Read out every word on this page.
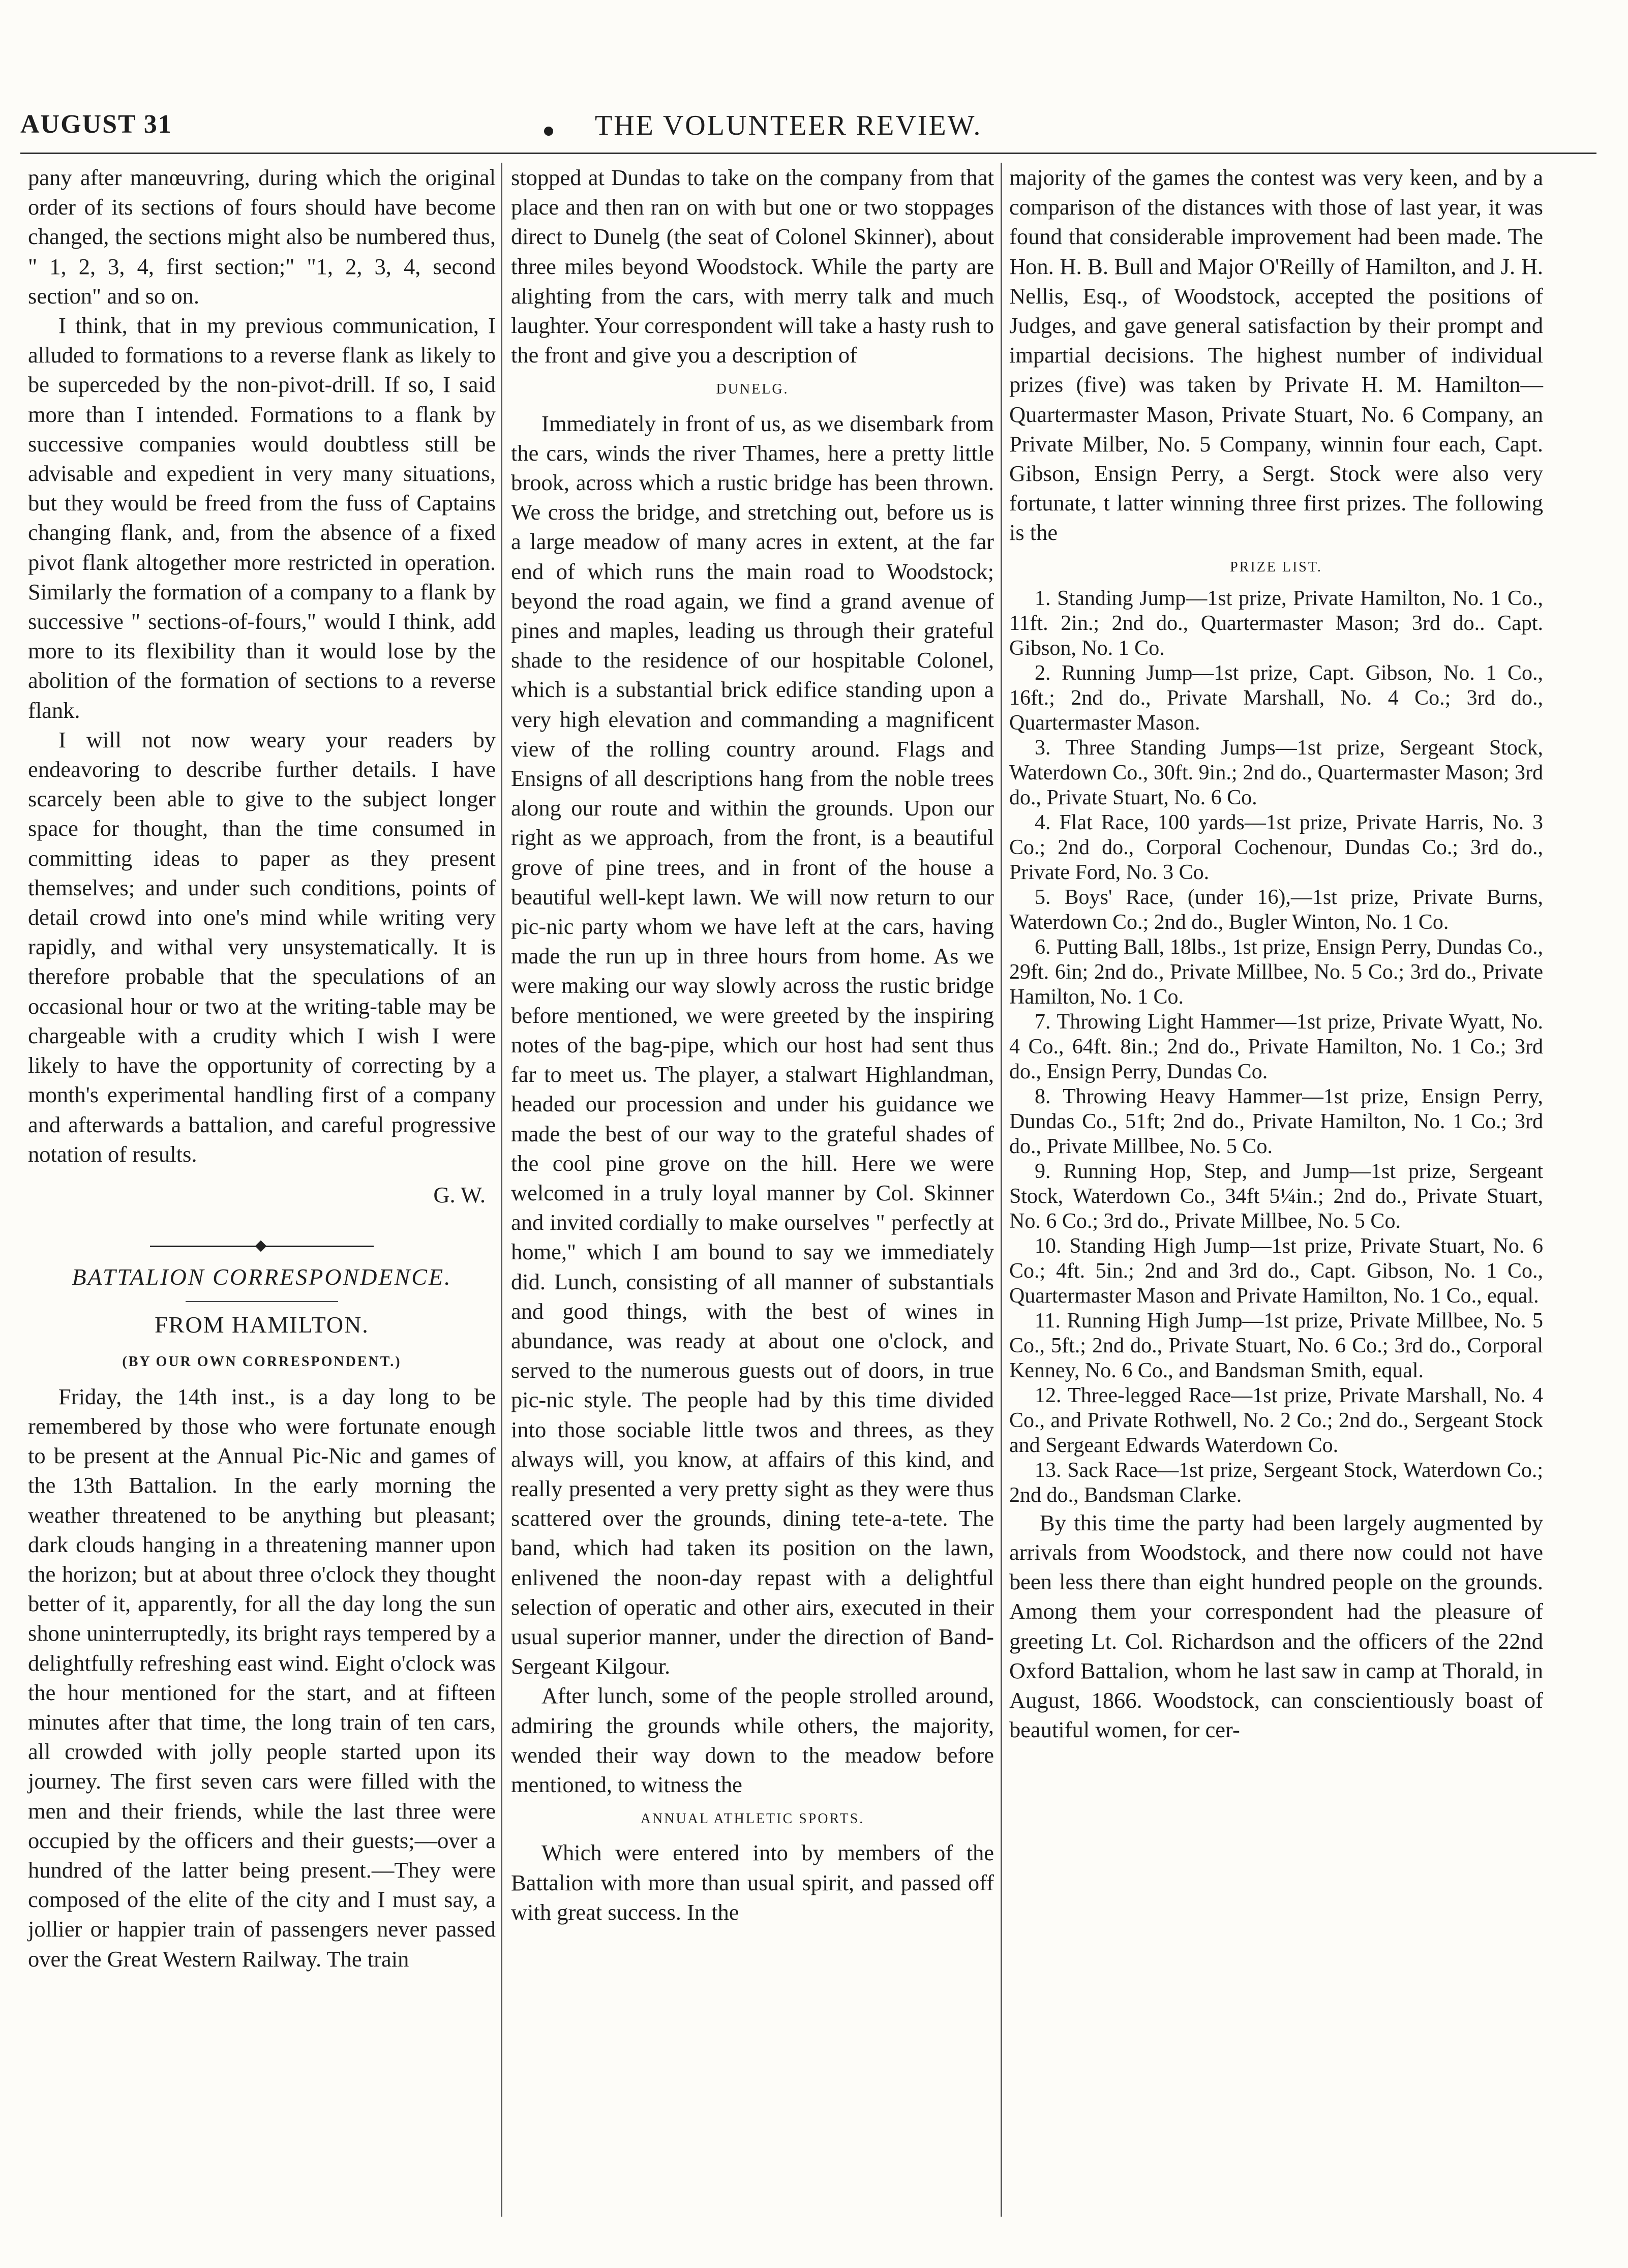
AUGUST 31	THE VOLUNTEER REVIEW.

pany after manœuvring, during which the original order of its sections of fours should have become changed, the sections might also be numbered thus, " 1, 2, 3, 4, first section;" "1, 2, 3, 4, second section" and so on.

I think, that in my previous communication, I alluded to formations to a reverse flank as likely to be superceded by the non-pivot-drill. If so, I said more than I intended. Formations to a flank by successive companies would doubtless still be advisable and expedient in very many situations, but they would be freed from the fuss of Captains changing flank, and, from the absence of a fixed pivot flank altogether more restricted in operation. Similarly the formation of a company to a flank by successive " sections-of-fours," would I think, add more to its flexibility than it would lose by the abolition of the formation of sections to a reverse flank.

I will not now weary your readers by endeavoring to describe further details. I have scarcely been able to give to the subject longer space for thought, than the time consumed in committing ideas to paper as they present themselves; and under such conditions, points of detail crowd into one's mind while writing very rapidly, and withal very unsystematically. It is therefore probable that the speculations of an occasional hour or two at the writing-table may be chargeable with a crudity which I wish I were likely to have the opportunity of correcting by a month's experimental handling first of a company and afterwards a battalion, and careful progressive notation of results.

G. W.
BATTALION CORRESPONDENCE.
FROM HAMILTON.
(BY OUR OWN CORRESPONDENT.)

Friday, the 14th inst., is a day long to be remembered by those who were fortunate enough to be present at the Annual Pic-Nic and games of the 13th Battalion. In the early morning the weather threatened to be anything but pleasant; dark clouds hanging in a threatening manner upon the horizon; but at about three o'clock they thought better of it, apparently, for all the day long the sun shone uninterruptedly, its bright rays tempered by a delightfully refreshing east wind. Eight o'clock was the hour mentioned for the start, and at fifteen minutes after that time, the long train of ten cars, all crowded with jolly people started upon its journey. The first seven cars were filled with the men and their friends, while the last three were occupied by the officers and their guests;—over a hundred of the latter being present.—They were composed of the elite of the city and I must say, a jollier or happier train of passengers never passed over the Great Western Railway. The train

stopped at Dundas to take on the company from that place and then ran on with but one or two stoppages direct to Dunelg (the seat of Colonel Skinner), about three miles beyond Woodstock. While the party are alighting from the cars, with merry talk and much laughter. Your correspondent will take a hasty rush to the front and give you a description of

DUNELG.

Immediately in front of us, as we disembark from the cars, winds the river Thames, here a pretty little brook, across which a rustic bridge has been thrown. We cross the bridge, and stretching out, before us is a large meadow of many acres in extent, at the far end of which runs the main road to Woodstock; beyond the road again, we find a grand avenue of pines and maples, leading us through their grateful shade to the residence of our hospitable Colonel, which is a substantial brick edifice standing upon a very high elevation and commanding a magnificent view of the rolling country around. Flags and Ensigns of all descriptions hang from the noble trees along our route and within the grounds. Upon our right as we approach, from the front, is a beautiful grove of pine trees, and in front of the house a beautiful well-kept lawn. We will now return to our pic-nic party whom we have left at the cars, having made the run up in three hours from home. As we were making our way slowly across the rustic bridge before mentioned, we were greeted by the inspiring notes of the bag-pipe, which our host had sent thus far to meet us. The player, a stalwart Highlandman, headed our procession and under his guidance we made the best of our way to the grateful shades of the cool pine grove on the hill. Here we were welcomed in a truly loyal manner by Col. Skinner and invited cordially to make ourselves " perfectly at home," which I am bound to say we immediately did. Lunch, consisting of all manner of substantials and good things, with the best of wines in abundance, was ready at about one o'clock, and served to the numerous guests out of doors, in true pic-nic style. The people had by this time divided into those sociable little twos and threes, as they always will, you know, at affairs of this kind, and really presented a very pretty sight as they were thus scattered over the grounds, dining tete-a-tete. The band, which had taken its position on the lawn, enlivened the noon-day repast with a delightful selection of operatic and other airs, executed in their usual superior manner, under the direction of Band-Sergeant Kilgour.

After lunch, some of the people strolled around, admiring the grounds while others, the majority, wended their way down to the meadow before mentioned, to witness the

ANNUAL ATHLETIC SPORTS.

Which were entered into by members of the Battalion with more than usual spirit, and passed off with great success. In the

majority of the games the contest was very keen, and by a comparison of the distances with those of last year, it was found that considerable improvement had been made. The Hon. H. B. Bull and Major O'Reilly of Hamilton, and J. H. Nellis, Esq., of Woodstock, accepted the positions of Judges, and gave general satisfaction by their prompt and impartial decisions. The highest number of individual prizes (five) was taken by Private H. M. Hamilton—Quartermaster Mason, Private Stuart, No. 6 Company, an Private Milber, No. 5 Company, winnin four each, Capt. Gibson, Ensign Perry, a Sergt. Stock were also very fortunate, t latter winning three first prizes. The following is the

PRIZE LIST.
1. Standing Jump—1st prize, Private Hamilton, No. 1 Co., 11ft. 2in.; 2nd do., Quartermaster Mason; 3rd do.. Capt. Gibson, No. 1 Co.
2. Running Jump—1st prize, Capt. Gibson, No. 1 Co., 16ft.; 2nd do., Private Marshall, No. 4 Co.; 3rd do., Quartermaster Mason.
3. Three Standing Jumps—1st prize, Sergeant Stock, Waterdown Co., 30ft. 9in.; 2nd do., Quartermaster Mason; 3rd do., Private Stuart, No. 6 Co.
4. Flat Race, 100 yards—1st prize, Private Harris, No. 3 Co.; 2nd do., Corporal Cochenour, Dundas Co.; 3rd do., Private Ford, No. 3 Co.
5. Boys' Race, (under 16),—1st prize, Private Burns, Waterdown Co.; 2nd do., Bugler Winton, No. 1 Co.
6. Putting Ball, 18lbs., 1st prize, Ensign Perry, Dundas Co., 29ft. 6in; 2nd do., Private Millbee, No. 5 Co.; 3rd do., Private Hamilton, No. 1 Co.
7. Throwing Light Hammer—1st prize, Private Wyatt, No. 4 Co., 64ft. 8in.; 2nd do., Private Hamilton, No. 1 Co.; 3rd do., Ensign Perry, Dundas Co.
8. Throwing Heavy Hammer—1st prize, Ensign Perry, Dundas Co., 51ft; 2nd do., Private Hamilton, No. 1 Co.; 3rd do., Private Millbee, No. 5 Co.
9. Running Hop, Step, and Jump—1st prize, Sergeant Stock, Waterdown Co., 34ft 5¼in.; 2nd do., Private Stuart, No. 6 Co.; 3rd do., Private Millbee, No. 5 Co.
10. Standing High Jump—1st prize, Private Stuart, No. 6 Co.; 4ft. 5in.; 2nd and 3rd do., Capt. Gibson, No. 1 Co., Quartermaster Mason and Private Hamilton, No. 1 Co., equal.
11. Running High Jump—1st prize, Private Millbee, No. 5 Co., 5ft.; 2nd do., Private Stuart, No. 6 Co.; 3rd do., Corporal Kenney, No. 6 Co., and Bandsman Smith, equal.
12. Three-legged Race—1st prize, Private Marshall, No. 4 Co., and Private Rothwell, No. 2 Co.; 2nd do., Sergeant Stock and Sergeant Edwards Waterdown Co.
13. Sack Race—1st prize, Sergeant Stock, Waterdown Co.; 2nd do., Bandsman Clarke.

By this time the party had been largely augmented by arrivals from Woodstock, and there now could not have been less there than eight hundred people on the grounds. Among them your correspondent had the pleasure of greeting Lt. Col. Richardson and the officers of the 22nd Oxford Battalion, whom he last saw in camp at Thorald, in August, 1866. Woodstock, can conscientiously boast of beautiful women, for cer-
